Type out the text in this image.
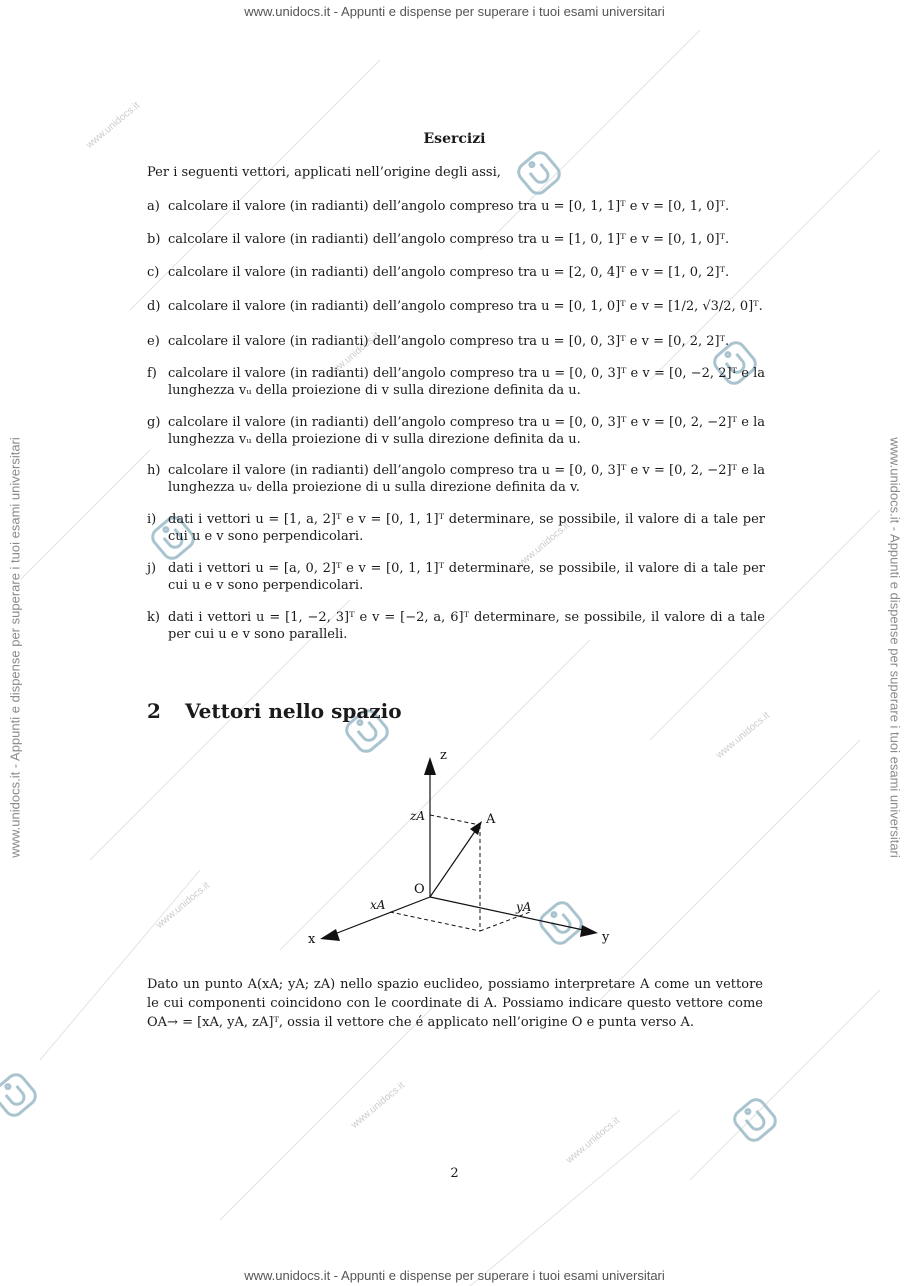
www.unidocs.it
www.unidocs.it
www.unidocs.it
www.unidocs.it
www.unidocs.it
www.unidocs.it
www.unidocs.it
www.unidocs.it - Appunti e dispense per superare i tuoi esami universitari
www.unidocs.it - Appunti e dispense per superare i tuoi esami universitari
www.unidocs.it - Appunti e dispense per superare i tuoi esami universitari	www.unidocs.it - Appunti e dispense per superare i tuoi esami universitari
Esercizi
Per i seguenti vettori, applicati nell’origine degli assi,
a) calcolare il valore (in radianti) dell’angolo compreso tra u = [0, 1, 1]ᵀ e v = [0, 1, 0]ᵀ.
b) calcolare il valore (in radianti) dell’angolo compreso tra u = [1, 0, 1]ᵀ e v = [0, 1, 0]ᵀ.
c) calcolare il valore (in radianti) dell’angolo compreso tra u = [2, 0, 4]ᵀ e v = [1, 0, 2]ᵀ.
d) calcolare il valore (in radianti) dell’angolo compreso tra u = [0, 1, 0]ᵀ e v = [1/2, √3/2, 0]ᵀ.
e) calcolare il valore (in radianti) dell’angolo compreso tra u = [0, 0, 3]ᵀ e v = [0, 2, 2]ᵀ.
f) calcolare il valore (in radianti) dell’angolo compreso tra u = [0, 0, 3]ᵀ e v = [0, −2, 2]ᵀ e la lunghezza vᵤ della proiezione di v sulla direzione definita da u.
g) calcolare il valore (in radianti) dell’angolo compreso tra u = [0, 0, 3]ᵀ e v = [0, 2, −2]ᵀ e la lunghezza vᵤ della proiezione di v sulla direzione definita da u.
h) calcolare il valore (in radianti) dell’angolo compreso tra u = [0, 0, 3]ᵀ e v = [0, 2, −2]ᵀ e la lunghezza uᵥ della proiezione di u sulla direzione definita da v.
i) dati i vettori u = [1, a, 2]ᵀ e v = [0, 1, 1]ᵀ determinare, se possibile, il valore di a tale per cui u e v sono perpendicolari.
j) dati i vettori u = [a, 0, 2]ᵀ e v = [0, 1, 1]ᵀ determinare, se possibile, il valore di a tale per cui u e v sono perpendicolari.
k) dati i vettori u = [1, −2, 3]ᵀ e v = [−2, a, 6]ᵀ determinare, se possibile, il valore di a tale per cui u e v sono paralleli.
2 Vettori nello spazio
z
y
x
O
A
zA
xA	yA
Dato un punto A(xA; yA; zA) nello spazio euclideo, possiamo interpretare A come un vettore le cui componenti coincidono con le coordinate di A. Possiamo indicare questo vettore come OA→ = [xA, yA, zA]ᵀ, ossia il vettore che é applicato nell’origine O e punta verso A.
2
